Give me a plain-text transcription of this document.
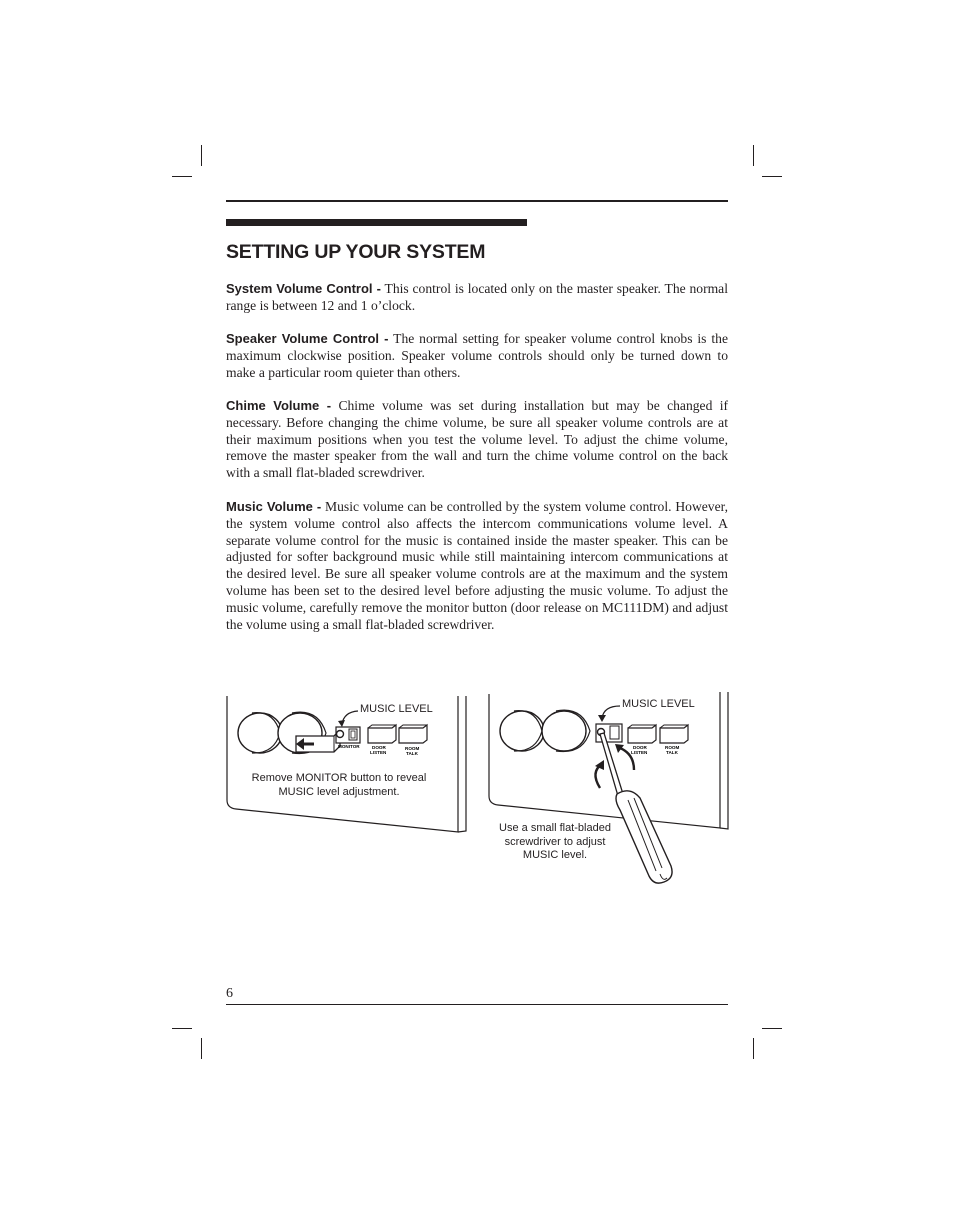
SETTING UP YOUR SYSTEM

System Volume Control - This control is located only on the master speaker. The normal range is between 12 and 1 o’clock.

Speaker Volume Control - The normal setting for speaker volume control knobs is the maximum clockwise position. Speaker volume controls should only be turned down to make a particular room quieter than others.

Chime Volume - Chime volume was set during installation but may be changed if necessary. Before changing the chime volume, be sure all speaker volume controls are at their maximum positions when you test the volume level. To adjust the chime volume, remove the master speaker from the wall and turn the chime volume control on the back with a small flat-bladed screwdriver.

Music Volume - Music volume can be controlled by the system volume control. However, the system volume control also affects the intercom communications volume level. A separate volume control for the music is contained inside the master speaker. This can be adjusted for softer background music while still maintaining intercom communications at the desired level. Be sure all speaker volume controls are at the maximum and the system volume has been set to the desired level before adjusting the music volume. To adjust the music volume, carefully remove the monitor button (door release on MC111DM) and adjust the volume using a small flat-bladed screwdriver.

MONITOR	DOOR
LISTEN
ROOM
TALK
MUSIC LEVEL
Remove MONITOR button to reveal
MUSIC level adjustment.
DOOR
LISTEN
ROOM
TALK
MUSIC LEVEL
Use a small flat-bladed
screwdriver to adjust
MUSIC level.
6
